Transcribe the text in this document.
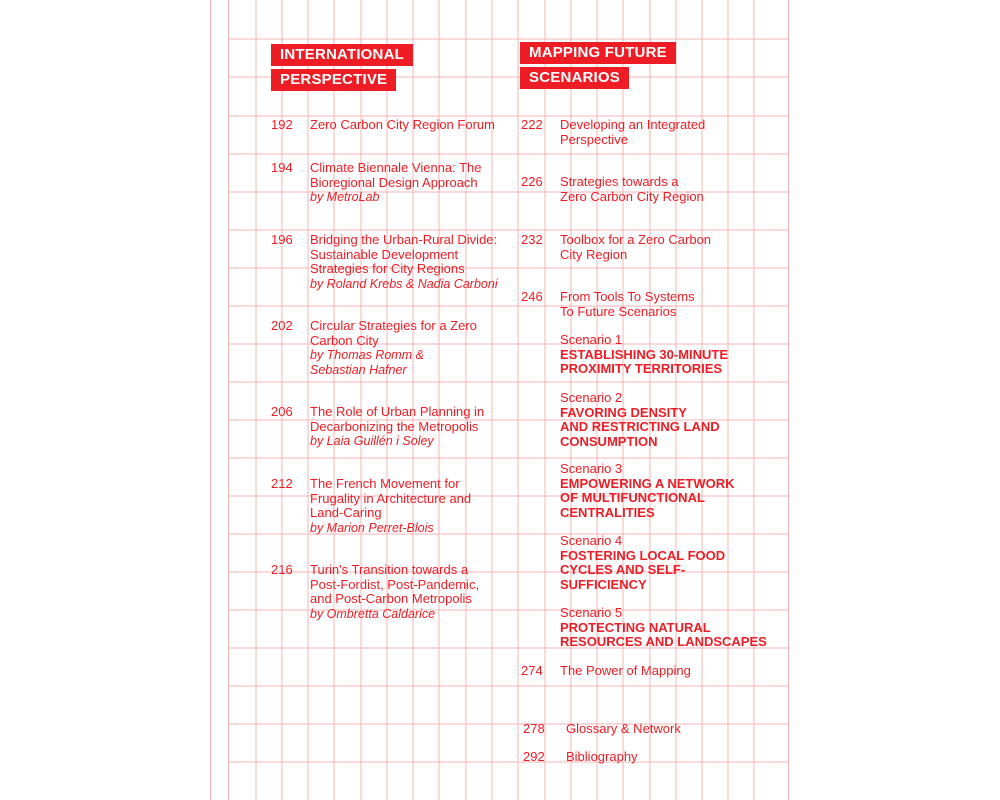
INTERNATIONAL
PERSPECTIVE
MAPPING FUTURE
SCENARIOS
192	Zero Carbon City Region Forum
194	Climate Biennale Vienna: The
Bioregional Design Approach
by MetroLab
196	Bridging the Urban-Rural Divide:
Sustainable Development
Strategies for City Regions
by Roland Krebs & Nadia Carboni
202	Circular Strategies for a Zero
Carbon City
by Thomas Romm &
Sebastian Hafner
206	The Role of Urban Planning in
Decarbonizing the Metropolis
by Laia Guillén i Soley
212	The French Movement for
Frugality in Architecture and
Land-Caring
by Marion Perret-Blois
216	Turin's Transition towards a
Post-Fordist, Post-Pandemic,
and Post-Carbon Metropolis
by Ombretta Caldarice
222	Developing an Integrated
Perspective
226	Strategies towards a
Zero Carbon City Region
232	Toolbox for a Zero Carbon
City Region
246	From Tools To Systems
To Future Scenarios
Scenario 1
ESTABLISHING 30-MINUTE
PROXIMITY TERRITORIES
Scenario 2
FAVORING DENSITY
AND RESTRICTING LAND
CONSUMPTION
Scenario 3
EMPOWERING A NETWORK
OF MULTIFUNCTIONAL
CENTRALITIES
Scenario 4
FOSTERING LOCAL FOOD
CYCLES AND SELF-
SUFFICIENCY
Scenario 5
PROTECTING NATURAL
RESOURCES AND LANDSCAPES
274	The Power of Mapping
278	Glossary & Network
292	Bibliography
